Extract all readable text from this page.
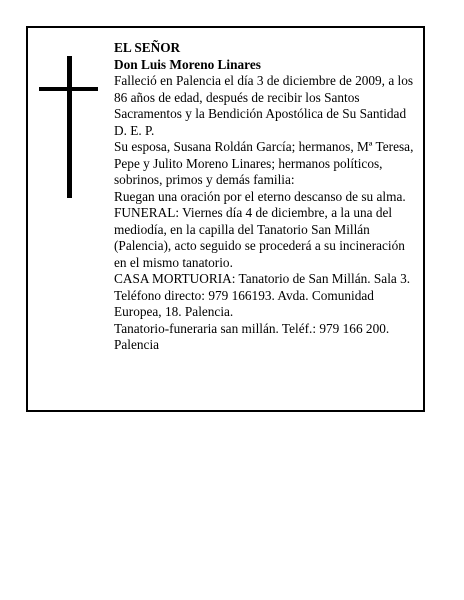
EL SEÑOR

Don Luis Moreno Linares

Falleció en Palencia el día 3 de diciembre de 2009, a los 86 años de edad, después de recibir los Santos Sacramentos y la Bendición Apostólica de Su Santidad D. E. P.

Su esposa, Susana Roldán García; hermanos, Mª Teresa, Pepe y Julito Moreno Linares; hermanos políticos, sobrinos, primos y demás familia:

Ruegan una oración por el eterno descanso de su alma.

FUNERAL: Viernes día 4 de diciembre, a la una del mediodía, en la capilla del Tanatorio San Millán (Palencia), acto seguido se procederá a su incineración en el mismo tanatorio.

CASA MORTUORIA: Tanatorio de San Millán. Sala 3. Teléfono directo: 979 166193. Avda. Comunidad Europea, 18. Palencia.

Tanatorio-funeraria san millán. Teléf.: 979 166 200. Palencia
